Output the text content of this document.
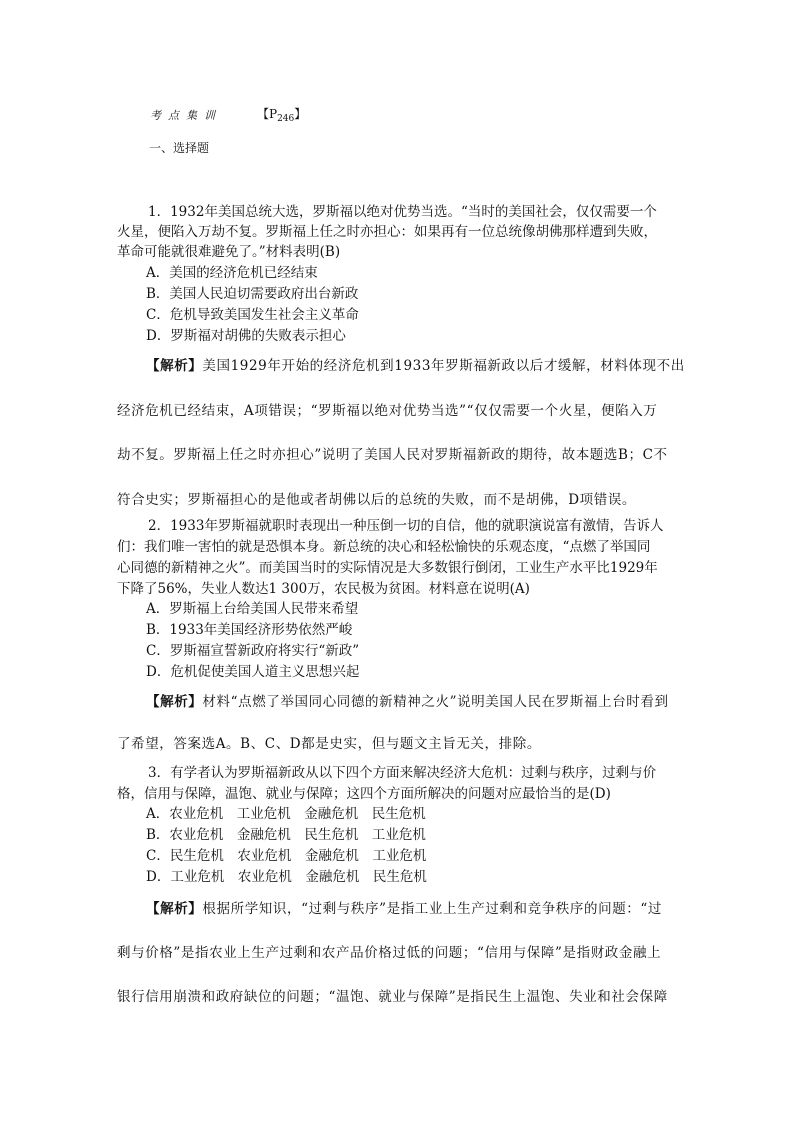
考点集训	【$P_{246}$】
一、选择题
1．1932年美国总统大选，罗斯福以绝对优势当选。“当时的美国社会，仅仅需要一个
火星，便陷入万劫不复。罗斯福上任之时亦担心：如果再有一位总统像胡佛那样遭到失败，
革命可能就很难避免了。”材料表明(B)
A．美国的经济危机已经结束
B．美国人民迫切需要政府出台新政
C．危机导致美国发生社会主义革命
D．罗斯福对胡佛的失败表示担心
【解析】美国1929年开始的经济危机到1933年罗斯福新政以后才缓解，材料体现不出
经济危机已经结束，A项错误；“罗斯福以绝对优势当选”“仅仅需要一个火星，便陷入万
劫不复。罗斯福上任之时亦担心”说明了美国人民对罗斯福新政的期待，故本题选B；C不
符合史实；罗斯福担心的是他或者胡佛以后的总统的失败，而不是胡佛，D项错误。
2．1933年罗斯福就职时表现出一种压倒一切的自信，他的就职演说富有激情，告诉人
们：我们唯一害怕的就是恐惧本身。新总统的决心和轻松愉快的乐观态度，“点燃了举国同
心同德的新精神之火”。而美国当时的实际情况是大多数银行倒闭，工业生产水平比1929年
下降了56%，失业人数达1 300万，农民极为贫困。材料意在说明(A)
A．罗斯福上台给美国人民带来希望
B．1933年美国经济形势依然严峻
C．罗斯福宣誓新政府将实行“新政”
D．危机促使美国人道主义思想兴起
【解析】材料“点燃了举国同心同德的新精神之火”说明美国人民在罗斯福上台时看到
了希望，答案选A。B、C、D都是史实，但与题文主旨无关，排除。
3．有学者认为罗斯福新政从以下四个方面来解决经济大危机：过剩与秩序，过剩与价
格，信用与保障，温饱、就业与保障；这四个方面所解决的问题对应最恰当的是(D)
A．农业危机　工业危机　金融危机　民生危机
B．农业危机　金融危机　民生危机　工业危机
C．民生危机　农业危机　金融危机　工业危机
D．工业危机　农业危机　金融危机　民生危机
【解析】根据所学知识，“过剩与秩序”是指工业上生产过剩和竞争秩序的问题：“过
剩与价格”是指农业上生产过剩和农产品价格过低的问题；“信用与保障”是指财政金融上
银行信用崩溃和政府缺位的问题；“温饱、就业与保障”是指民生上温饱、失业和社会保障
